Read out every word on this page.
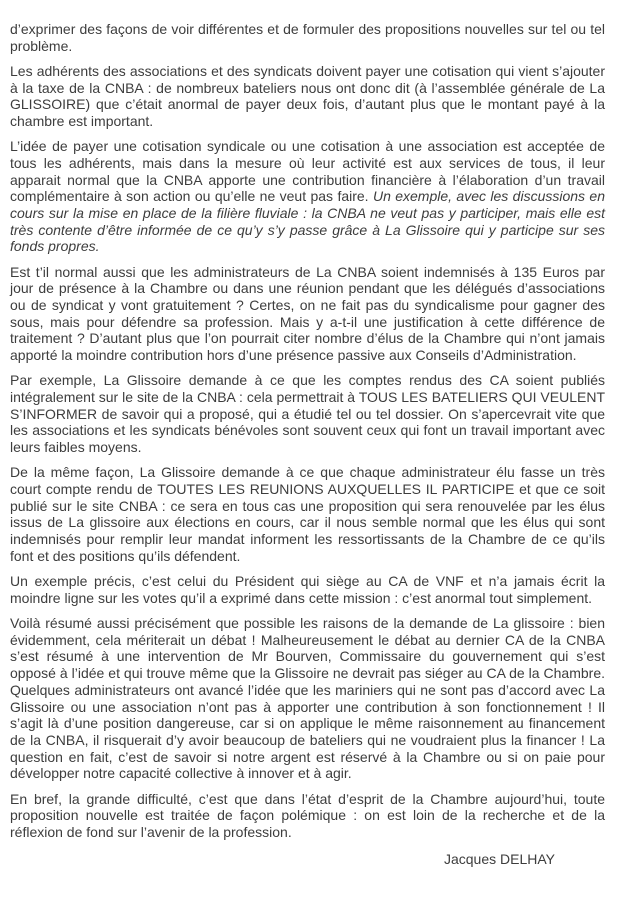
d’exprimer des façons de voir différentes et de formuler des propositions nouvelles sur tel ou tel problème.

Les adhérents des associations et des syndicats doivent payer une cotisation qui vient s’ajouter à la taxe de la CNBA : de nombreux bateliers nous ont donc dit (à l’assemblée générale de La GLISSOIRE) que c’était anormal de payer deux fois, d’autant plus que le montant payé à la chambre est important.

L’idée de payer une cotisation syndicale ou une cotisation à une association est acceptée de tous les adhérents, mais dans la mesure où leur activité est aux services de tous, il leur apparait normal que la CNBA apporte une contribution financière à l’élaboration d’un travail complémentaire à son action ou qu’elle ne veut pas faire. Un exemple, avec les discussions en cours sur la mise en place de la filière fluviale : la CNBA ne veut pas y participer, mais elle est très contente d’être informée de ce qu’y s’y passe grâce à La Glissoire qui y participe sur ses fonds propres.

Est t’il normal aussi que les administrateurs de La CNBA soient indemnisés à 135 Euros par jour de présence à la Chambre ou dans une réunion pendant que les délégués d’associations ou de syndicat y vont gratuitement ? Certes, on ne fait pas du syndicalisme pour gagner des sous, mais pour défendre sa profession. Mais y a-t-il une justification à cette différence de traitement ? D’autant plus que l’on pourrait citer nombre d’élus de la Chambre qui n’ont jamais apporté la moindre contribution hors d’une présence passive aux Conseils d’Administration.

Par exemple, La Glissoire demande à ce que les comptes rendus des CA soient publiés intégralement sur le site de la CNBA : cela permettrait à TOUS LES BATELIERS QUI VEULENT S’INFORMER de savoir qui a proposé, qui a étudié tel ou tel dossier. On s’apercevrait vite que les associations et les syndicats bénévoles sont souvent ceux qui font un travail important avec leurs faibles moyens.

De la même façon, La Glissoire demande à ce que chaque administrateur élu fasse un très court compte rendu de TOUTES LES REUNIONS AUXQUELLES IL PARTICIPE et que ce soit publié sur le site CNBA : ce sera en tous cas une proposition qui sera renouvelée par les élus issus de La glissoire aux élections en cours, car il nous semble normal que les élus qui sont indemnisés pour remplir leur mandat informent les ressortissants de la Chambre de ce qu’ils font et des positions qu’ils défendent.

Un exemple précis, c’est celui du Président qui siège au CA de VNF et n’a jamais écrit la moindre ligne sur les votes qu’il a exprimé dans cette mission : c’est anormal tout simplement.

Voilà résumé aussi précisément que possible les raisons de la demande de La glissoire : bien évidemment, cela mériterait un débat ! Malheureusement le débat au dernier CA de la CNBA s’est résumé à une intervention de Mr Bourven, Commissaire du gouvernement qui s’est opposé à l’idée et qui trouve même que la Glissoire ne devrait pas siéger au CA de la Chambre. Quelques administrateurs ont avancé l’idée que les mariniers qui ne sont pas d’accord avec La Glissoire ou une association n’ont pas à apporter une contribution à son fonctionnement ! Il s’agit là d’une position dangereuse, car si on applique le même raisonnement au financement de la CNBA, il risquerait d’y avoir beaucoup de bateliers qui ne voudraient plus la financer ! La question en fait, c’est de savoir si notre argent est réservé à la Chambre ou si on paie pour développer notre capacité collective à innover et à agir.

En bref, la grande difficulté, c’est que dans l’état d’esprit de la Chambre aujourd’hui, toute proposition nouvelle est traitée de façon polémique : on est loin de la recherche et de la réflexion de fond sur l’avenir de la profession.

Jacques DELHAY
